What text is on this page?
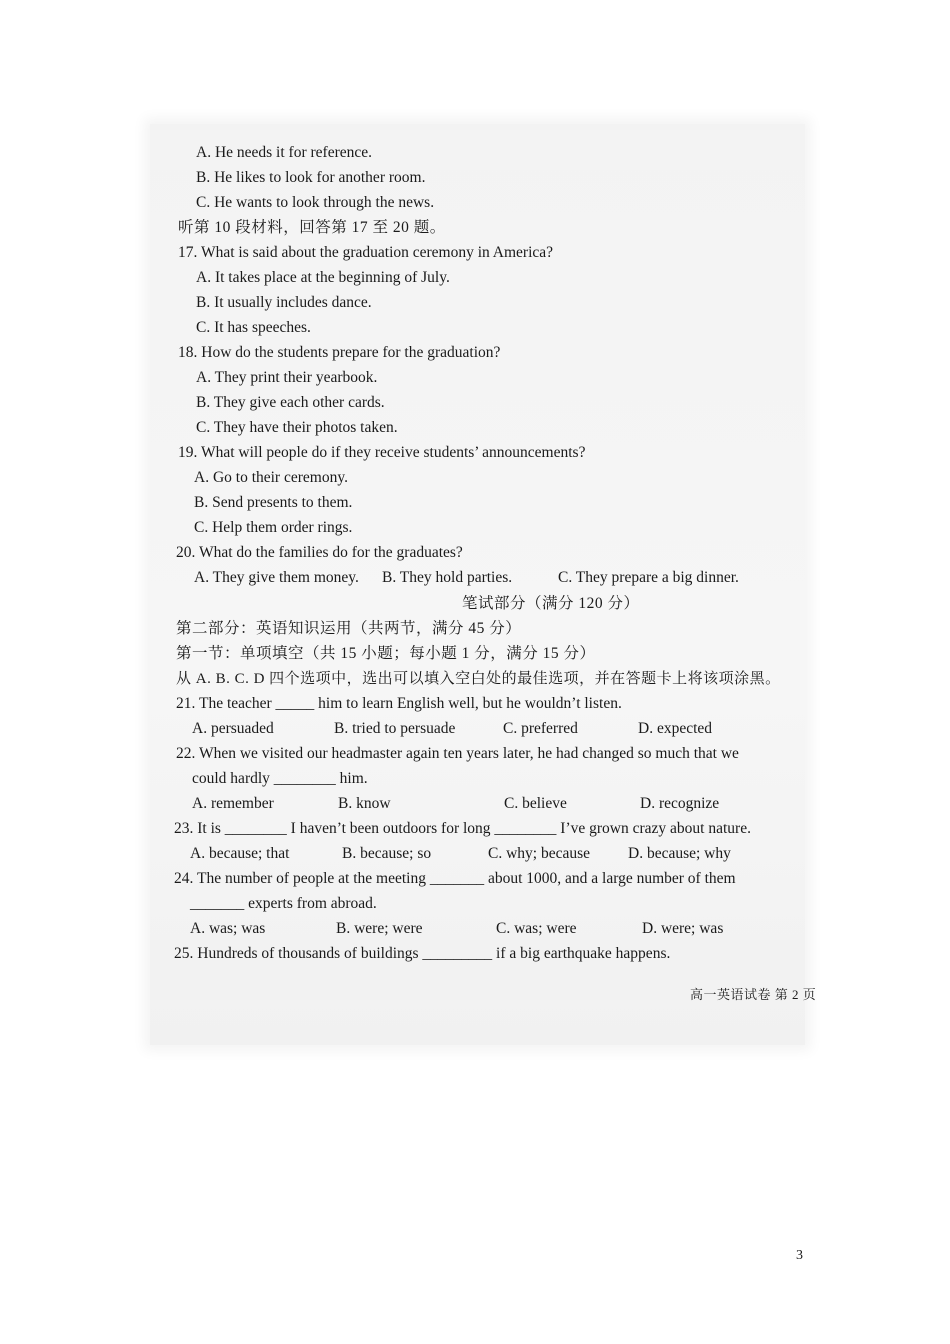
A. He needs it for reference.
B. He likes to look for another room.
C. He wants to look through the news.
听第 10 段材料，回答第 17 至 20 题。
17. What is said about the graduation ceremony in America?
A. It takes place at the beginning of July.
B. It usually includes dance.
C. It has speeches.
18. How do the students prepare for the graduation?
A. They print their yearbook.
B. They give each other cards.
C. They have their photos taken.
19. What will people do if they receive students’ announcements?
A. Go to their ceremony.
B. Send presents to them.
C. Help them order rings.
20. What do the families do for the graduates?
A. They give them money. B. They hold parties.	C. They prepare a big dinner.
笔试部分（满分 120 分）
第二部分：英语知识运用（共两节，满分 45 分）
第一节：单项填空（共 15 小题；每小题 1 分，满分 15 分）
从 A. B. C. D 四个选项中，选出可以填入空白处的最佳选项，并在答题卡上将该项涂黑。
21. The teacher _____ him to learn English well, but he wouldn’t listen.
A. persuaded	B. tried to persuade	C. preferred	D. expected
22. When we visited our headmaster again ten years later, he had changed so much that we
could hardly ________ him.
A. remember	B. know	C. believe	D. recognize
23. It is ________ I haven’t been outdoors for long ________ I’ve grown crazy about nature.
A. because; that	B. because; so	C. why; because D. because; why
24. The number of people at the meeting _______ about 1000, and a large number of them
_______ experts from abroad.
A. was; was	B. were; were	C. was; were	D. were; was
25. Hundreds of thousands of buildings _________ if a big earthquake happens.
高一英语试卷 第 2 页
3
